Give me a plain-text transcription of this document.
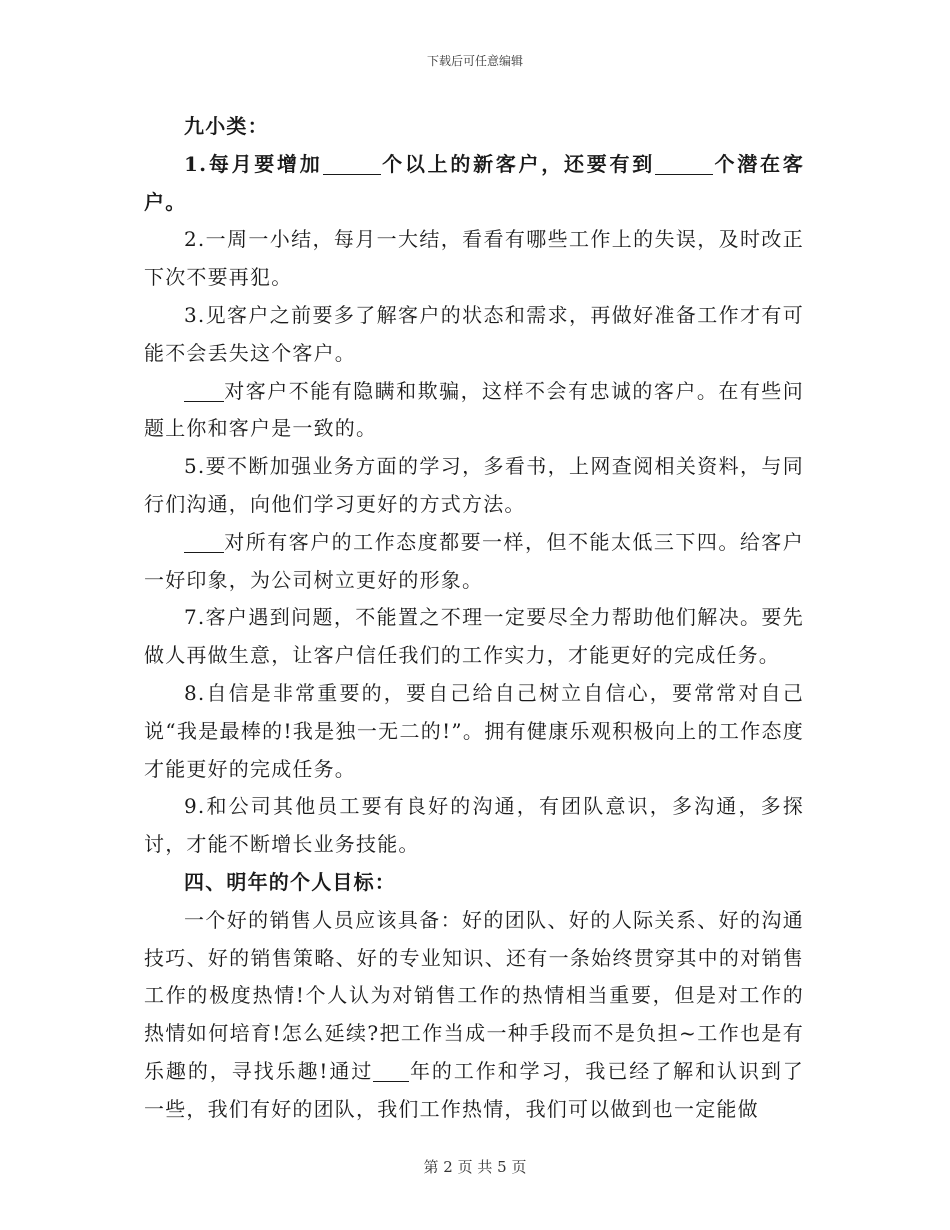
下载后可任意编辑

九小类：

1.每月要增加	个以上的新客户，还要有到	个潜在客户。

2.一周一小结，每月一大结，看看有哪些工作上的失误，及时改正下次不要再犯。

3.见客户之前要多了解客户的状态和需求，再做好准备工作才有可能不会丢失这个客户。

对客户不能有隐瞒和欺骗，这样不会有忠诚的客户。在有些问题上你和客户是一致的。

5.要不断加强业务方面的学习，多看书，上网查阅相关资料，与同行们沟通，向他们学习更好的方式方法。

对所有客户的工作态度都要一样，但不能太低三下四。给客户一好印象，为公司树立更好的形象。

7.客户遇到问题，不能置之不理一定要尽全力帮助他们解决。要先做人再做生意，让客户信任我们的工作实力，才能更好的完成任务。

8.自信是非常重要的，要自己给自己树立自信心，要常常对自己说“我是最棒的!我是独一无二的!”。拥有健康乐观积极向上的工作态度才能更好的完成任务。

9.和公司其他员工要有良好的沟通，有团队意识，多沟通，多探讨，才能不断增长业务技能。

四、明年的个人目标：

一个好的销售人员应该具备：好的团队、好的人际关系、好的沟通技巧、好的销售策略、好的专业知识、还有一条始终贯穿其中的对销售工作的极度热情!个人认为对销售工作的热情相当重要，但是对工作的热情如何培育!怎么延续?把工作当成一种手段而不是负担~工作也是有乐趣的，寻找乐趣!通过 年的工作和学习，我已经了解和认识到了一些，我们有好的团队，我们工作热情，我们可以做到也一定能做

第 2 页 共 5 页
